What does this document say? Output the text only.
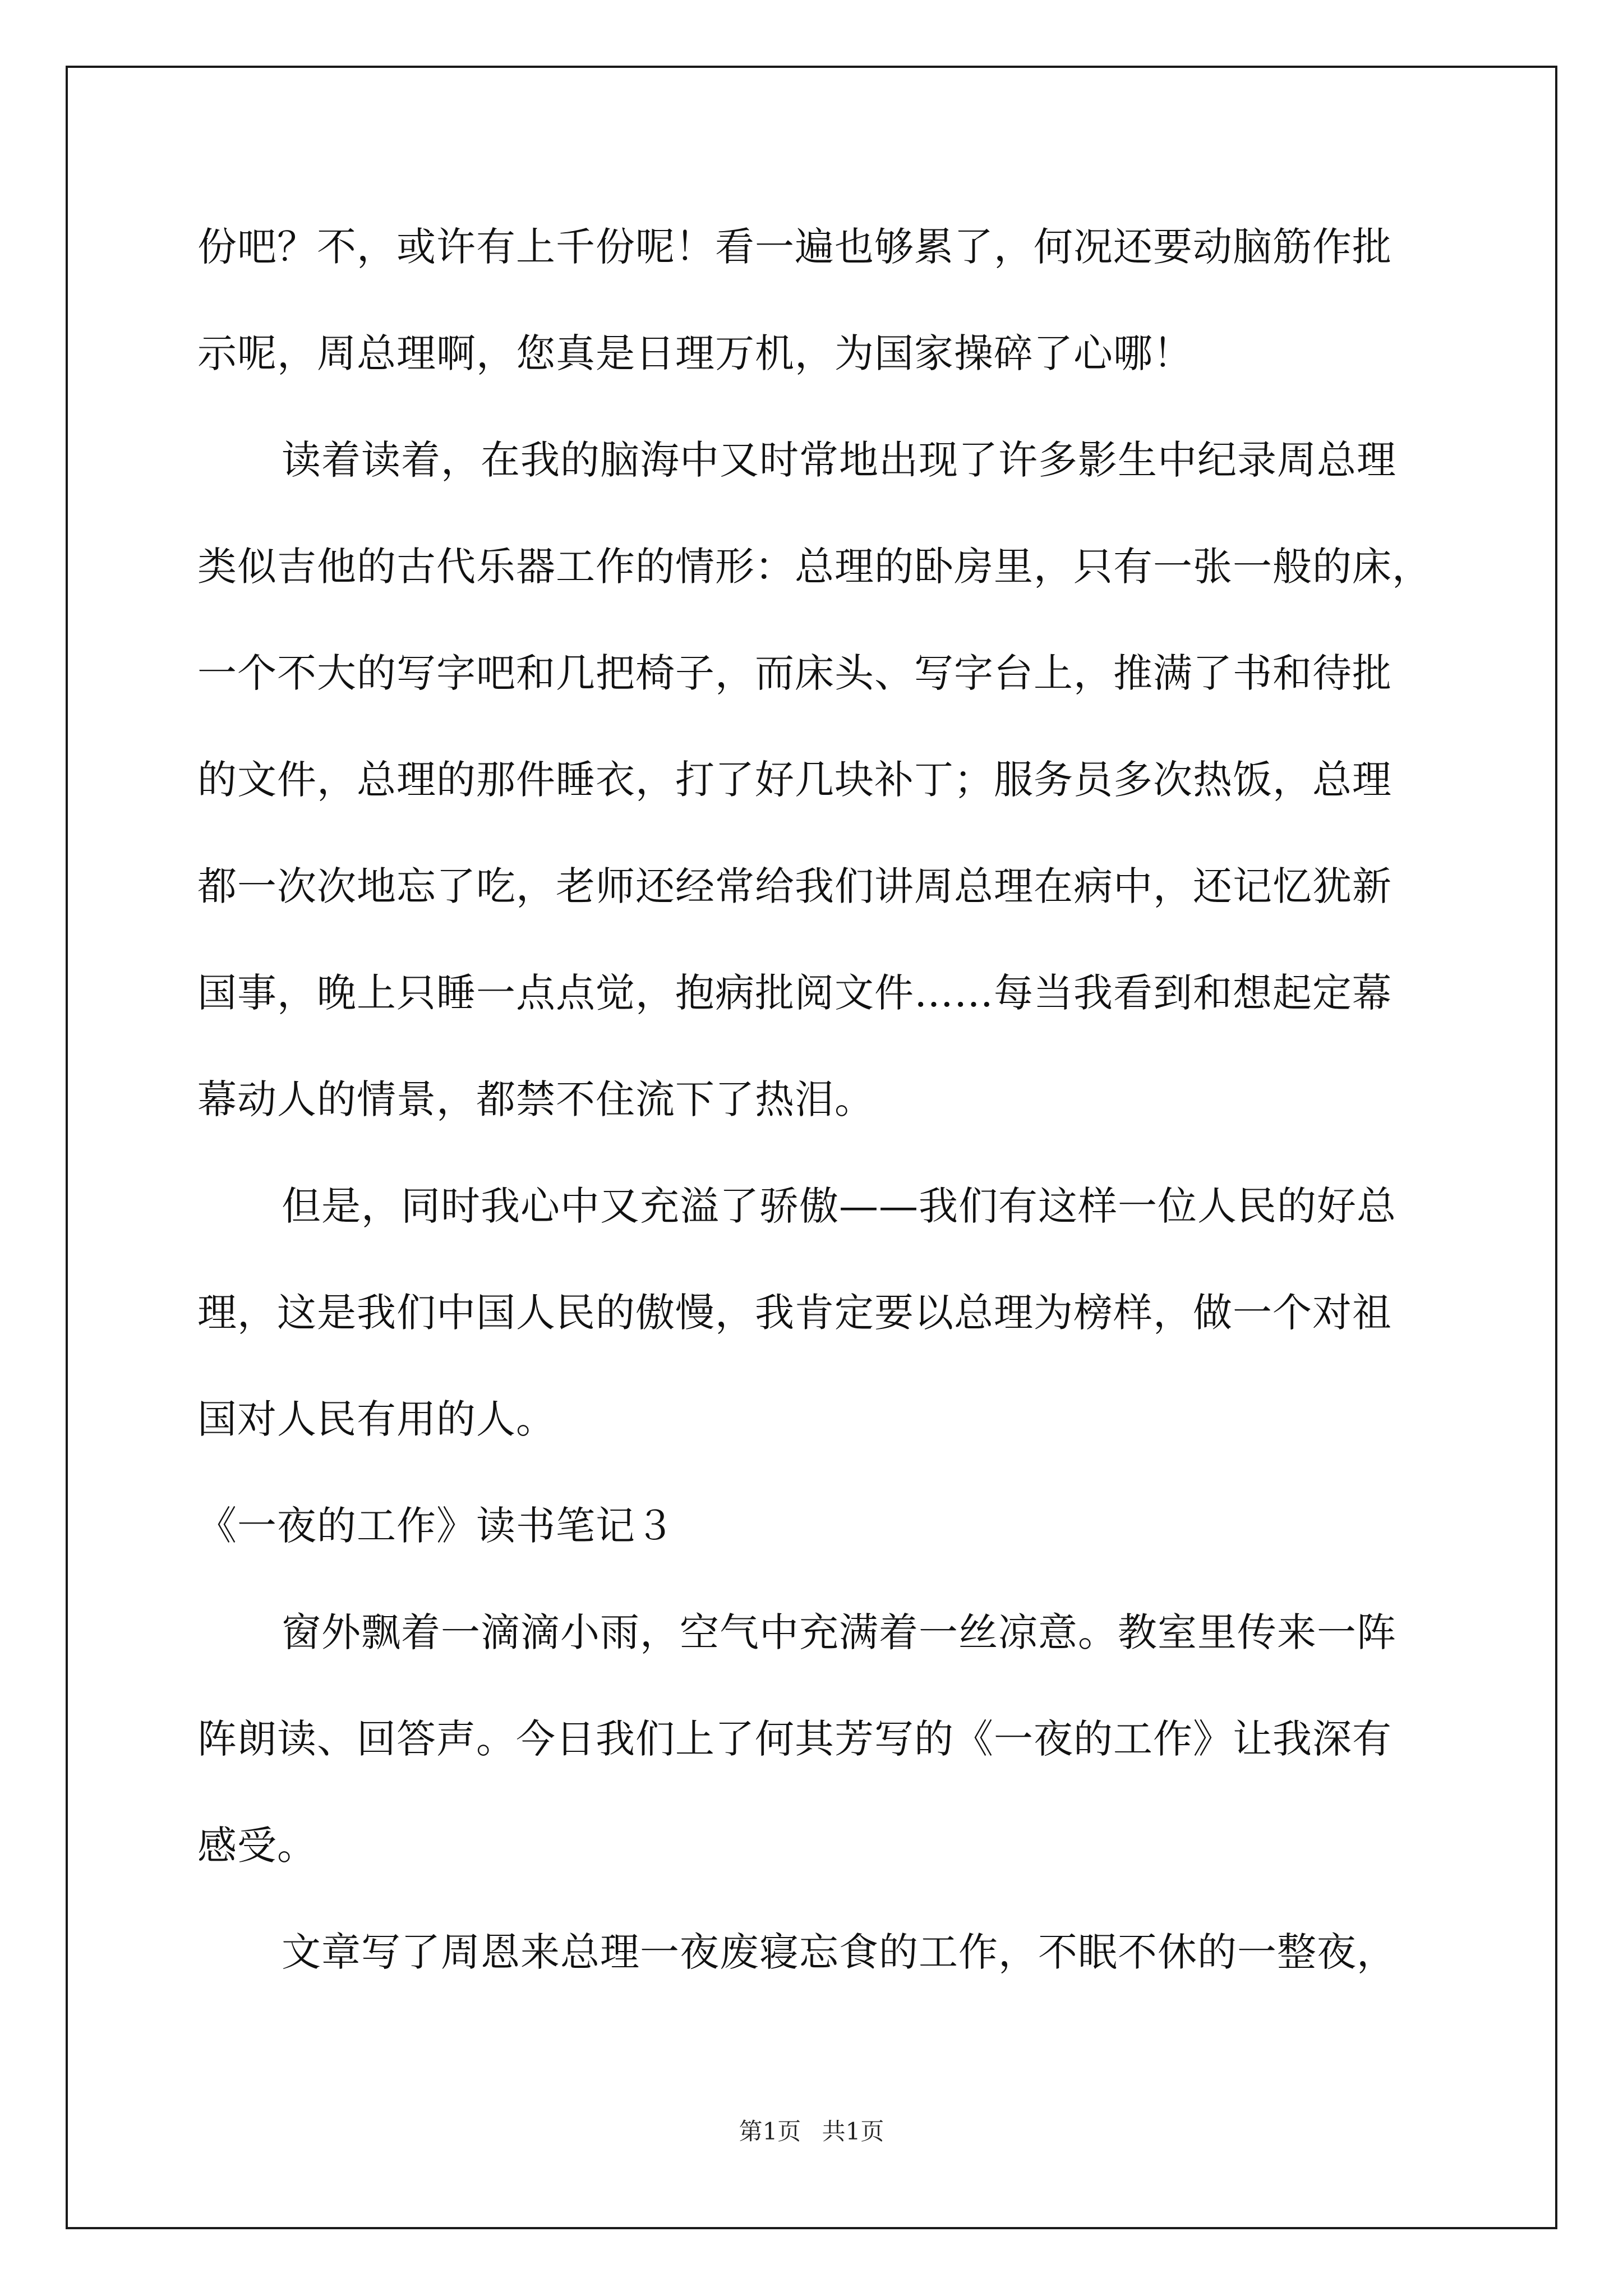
份吧？不，或许有上千份呢！看一遍也够累了，何况还要动脑筋作批
示呢，周总理啊，您真是日理万机，为国家操碎了心哪！
读着读着，在我的脑海中又时常地出现了许多影生中纪录周总理
类似吉他的古代乐器工作的情形：总理的卧房里，只有一张一般的床，
一个不大的写字吧和几把椅子，而床头、写字台上，推满了书和待批
的文件，总理的那件睡衣，打了好几块补丁；服务员多次热饭，总理
都一次次地忘了吃，老师还经常给我们讲周总理在病中，还记忆犹新
国事，晚上只睡一点点觉，抱病批阅文件……每当我看到和想起定幕
幕动人的情景，都禁不住流下了热泪。
但是，同时我心中又充溢了骄傲——我们有这样一位人民的好总
理，这是我们中国人民的傲慢，我肯定要以总理为榜样，做一个对祖
国对人民有用的人。
《一夜的工作》读书笔记３
窗外飘着一滴滴小雨，空气中充满着一丝凉意。教室里传来一阵
阵朗读、回答声。今日我们上了何其芳写的《一夜的工作》让我深有
感受。
文章写了周恩来总理一夜废寝忘食的工作，不眠不休的一整夜，
第1页 共1页
